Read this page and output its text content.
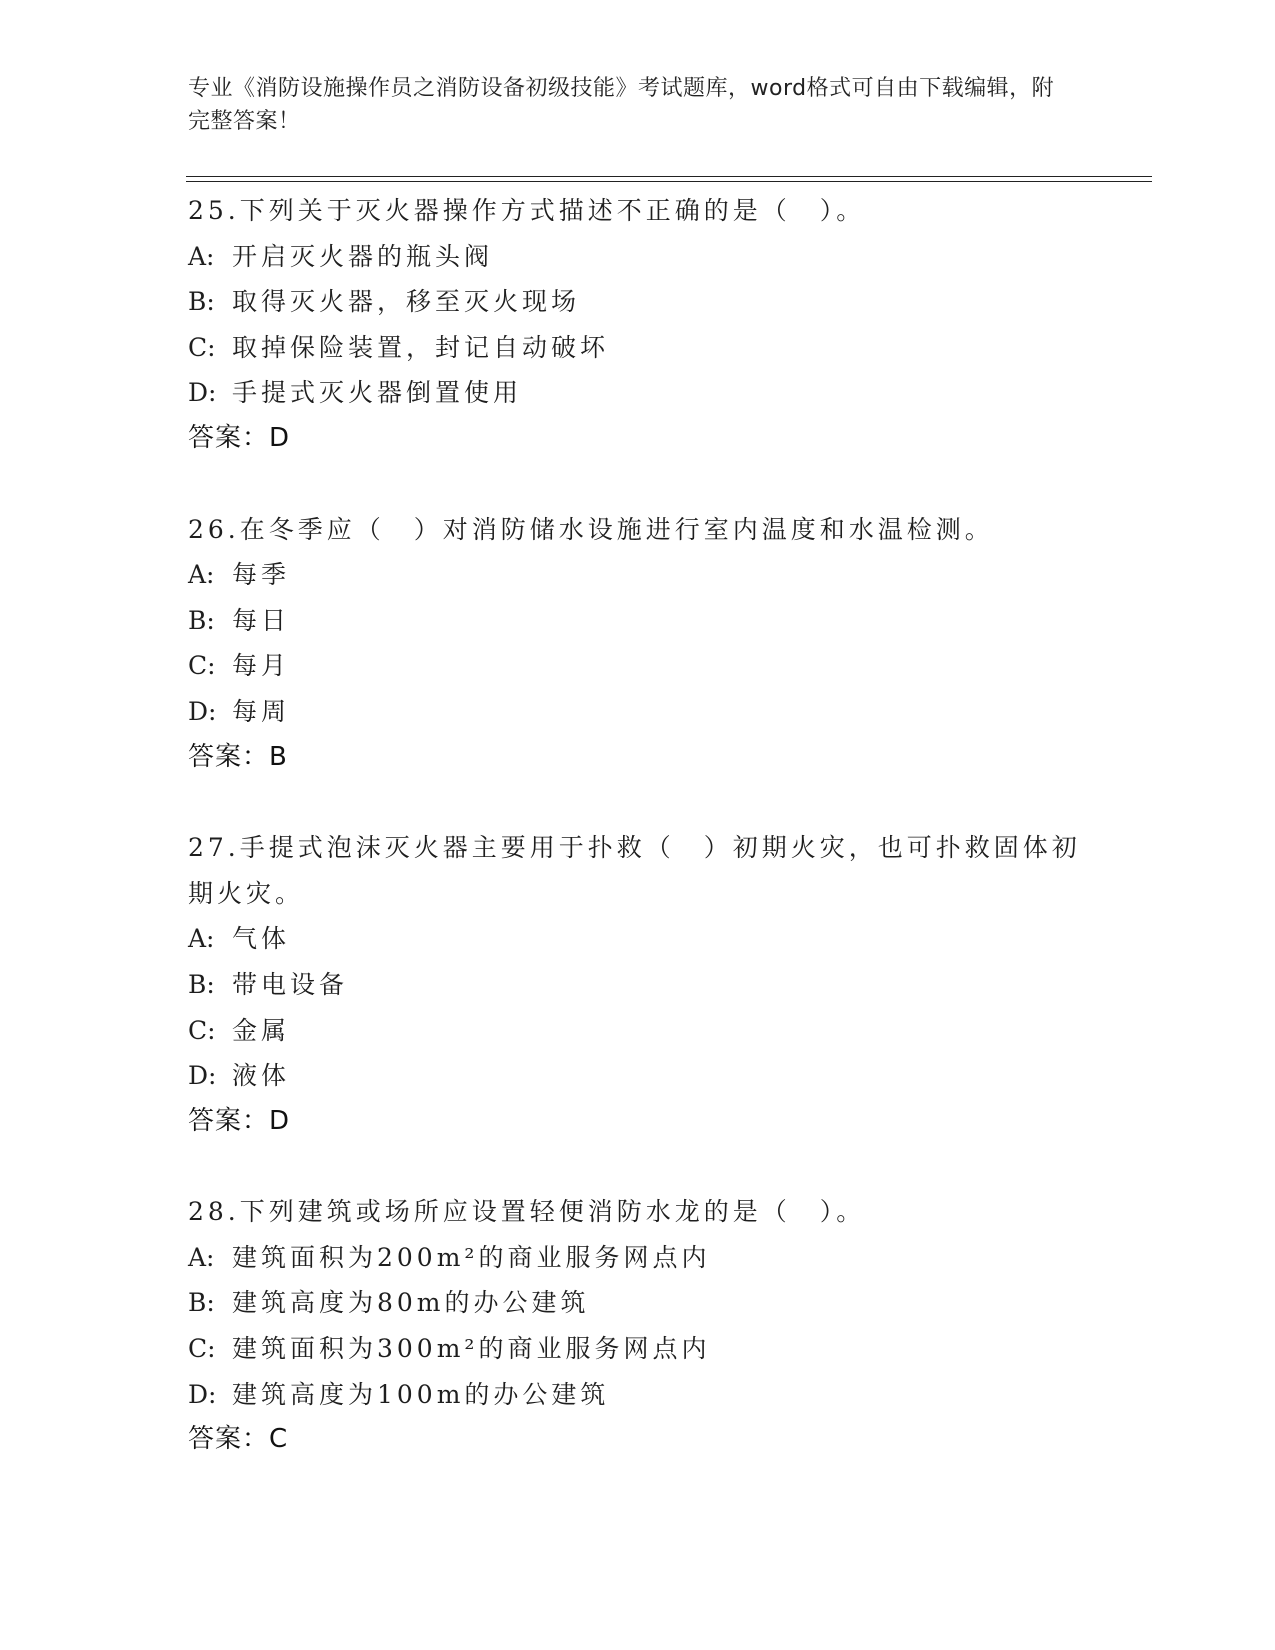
专业《消防设施操作员之消防设备初级技能》考试题库，word格式可自由下载编辑，附完整答案！

25.下列关于灭火器操作方式描述不正确的是（　）。

A: 开启灭火器的瓶头阀
B: 取得灭火器，移至灭火现场
C: 取掉保险装置，封记自动破坏
D: 手提式灭火器倒置使用
答案：D

26.在冬季应（　）对消防储水设施进行室内温度和水温检测。

A: 每季
B: 每日
C: 每月
D: 每周
答案：B

27.手提式泡沫灭火器主要用于扑救（　）初期火灾，也可扑救固体初期火灾。

A: 气体
B: 带电设备
C: 金属
D: 液体
答案：D

28.下列建筑或场所应设置轻便消防水龙的是（　）。

A: 建筑面积为200m²的商业服务网点内
B: 建筑高度为80m的办公建筑
C: 建筑面积为300m²的商业服务网点内
D: 建筑高度为100m的办公建筑
答案：C
